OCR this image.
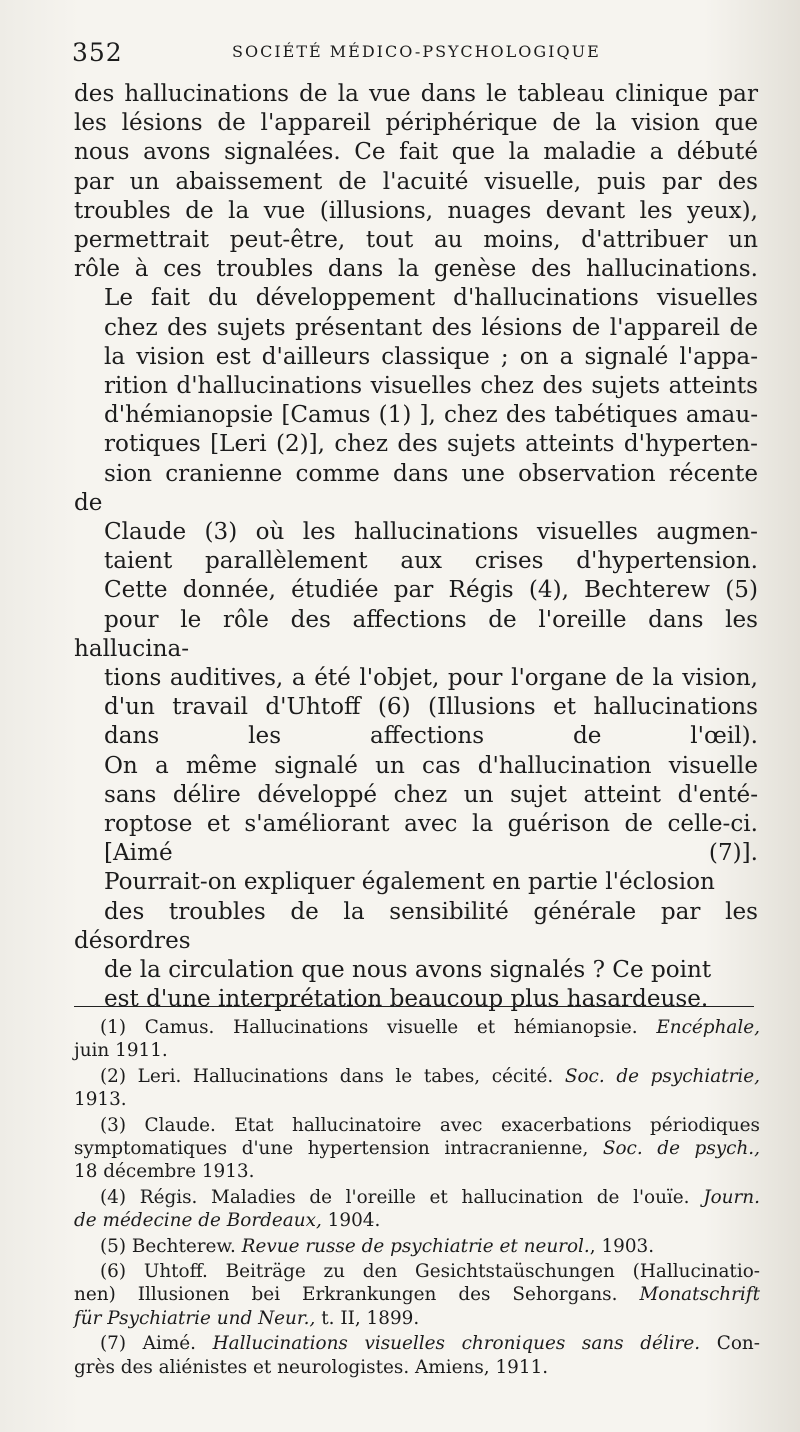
352	SOCIÉTÉ MÉDICO-PSYCHOLOGIQUE

des hallucinations de la vue dans le tableau clinique par
les lésions de l'appareil périphérique de la vision que
nous avons signalées. Ce fait que la maladie a débuté
par un abaissement de l'acuité visuelle, puis par des
troubles de la vue (illusions, nuages devant les yeux),
permettrait peut-être, tout au moins, d'attribuer un
rôle à ces troubles dans la genèse des hallucinations.

Le fait du développement d'hallucinations visuelles
chez des sujets présentant des lésions de l'appareil de
la vision est d'ailleurs classique ; on a signalé l'appa-
rition d'hallucinations visuelles chez des sujets atteints
d'hémianopsie [Camus (1) ], chez des tabétiques amau-
rotiques [Leri (2)], chez des sujets atteints d'hyperten-
sion cranienne comme dans une observation récente de
Claude (3) où les hallucinations visuelles augmen-
taient parallèlement aux crises d'hypertension.

Cette donnée, étudiée par Régis (4), Bechterew (5)
pour le rôle des affections de l'oreille dans les hallucina-
tions auditives, a été l'objet, pour l'organe de la vision,
d'un travail d'Uhtoff (6) (Illusions et hallucinations
dans les affections de l'œil).

On a même signalé un cas d'hallucination visuelle
sans délire développé chez un sujet atteint d'enté-
roptose et s'améliorant avec la guérison de celle-ci.
[Aimé (7)].

Pourrait-on expliquer également en partie l'éclosion
des troubles de la sensibilité générale par les désordres
de la circulation que nous avons signalés ? Ce point
est d'une interprétation beaucoup plus hasardeuse.

(1) Camus. Hallucinations visuelle et hémianopsie. Encéphale,
juin 1911.
(2) Leri. Hallucinations dans le tabes, cécité. Soc. de psychiatrie,
1913.
(3) Claude. Etat hallucinatoire avec exacerbations périodiques
symptomatiques d'une hypertension intracranienne, Soc. de psych.,
18 décembre 1913.
(4) Régis. Maladies de l'oreille et hallucination de l'ouïe. Journ.
de médecine de Bordeaux, 1904.
(5) Bechterew. Revue russe de psychiatrie et neurol., 1903.
(6) Uhtoff. Beiträge zu den Gesichtstaüschungen (Hallucinatio-
nen) Illusionen bei Erkrankungen des Sehorgans. Monatschrift
für Psychiatrie und Neur., t. II, 1899.
(7) Aimé. Hallucinations visuelles chroniques sans délire. Con-
grès des aliénistes et neurologistes. Amiens, 1911.
